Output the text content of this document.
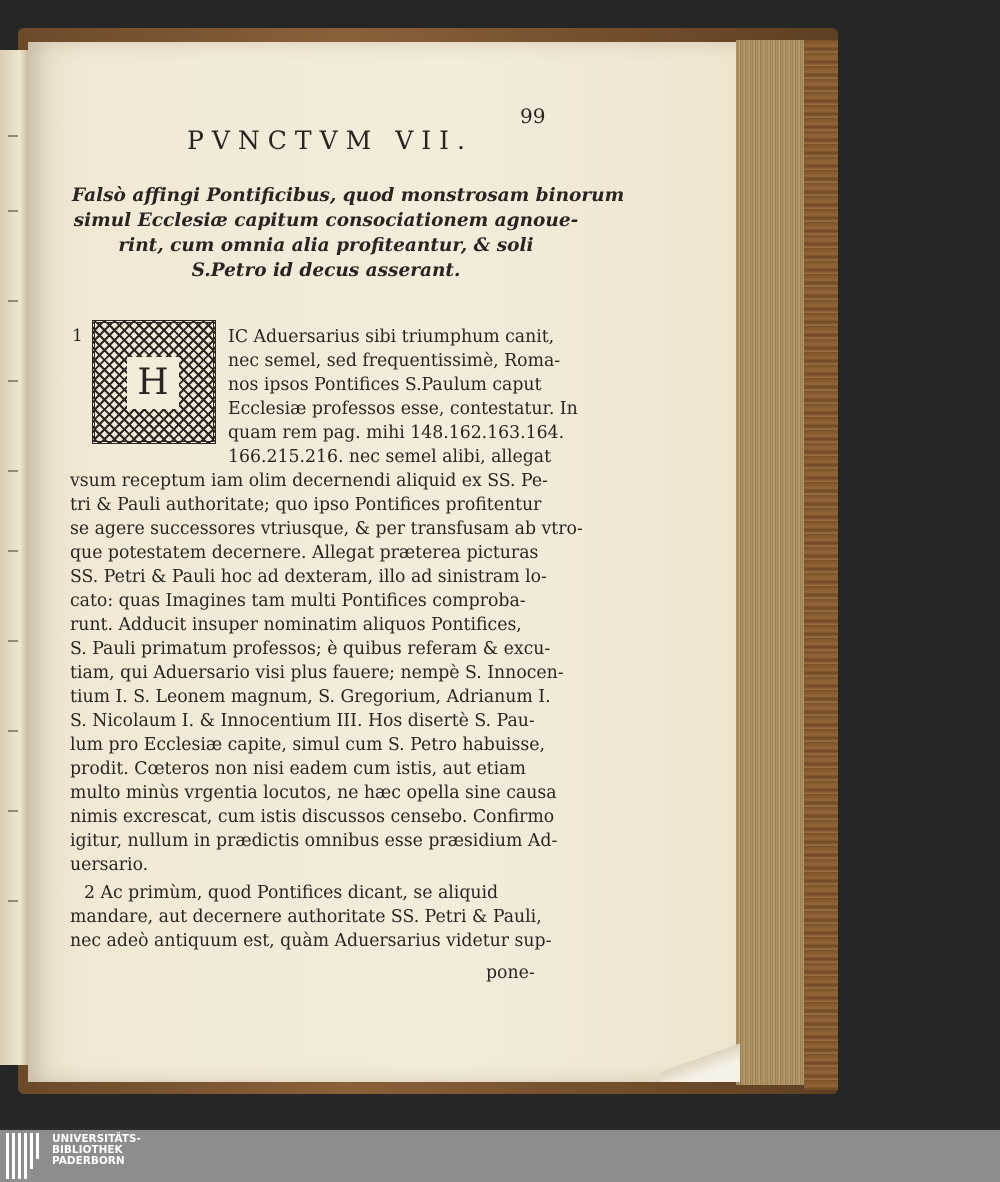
99
PVNCTVM VII.
Falsò affingi Pontificibus, quod monstrosam binorum
simul Ecclesiæ capitum consociationem agnoue-
rint, cum omnia alia profiteantur, & soli
S.Petro id decus asserant.
1
H
IC Aduersarius sibi triumphum canit,
nec semel, sed frequentissimè, Roma-
nos ipsos Pontifices S.Paulum caput
Ecclesiæ professos esse, contestatur. In
quam rem pag. mihi 148.162.163.164.
166.215.216. nec semel alibi, allegat
vsum receptum iam olim decernendi aliquid ex SS. Pe-
tri & Pauli authoritate; quo ipso Pontifices profitentur
se agere successores vtriusque, & per transfusam ab vtro-
que potestatem decernere. Allegat præterea picturas
SS. Petri & Pauli hoc ad dexteram, illo ad sinistram lo-
cato: quas Imagines tam multi Pontifices comproba-
runt. Adducit insuper nominatim aliquos Pontifices,
S. Pauli primatum professos; è quibus referam & excu-
tiam, qui Aduersario visi plus fauere; nempè S. Innocen-
tium I. S. Leonem magnum, S. Gregorium, Adrianum I.
S. Nicolaum I. & Innocentium III. Hos disertè S. Pau-
lum pro Ecclesiæ capite, simul cum S. Petro habuisse,
prodit. Cœteros non nisi eadem cum istis, aut etiam
multo minùs vrgentia locutos, ne hæc opella sine causa
nimis excrescat, cum istis discussos censebo. Confirmo
igitur, nullum in prædictis omnibus esse præsidium Ad-
uersario.
2 Ac primùm, quod Pontifices dicant, se aliquid
mandare, aut decernere authoritate SS. Petri & Pauli,
nec adeò antiquum est, quàm Aduersarius videtur sup-
pone-
UNIVERSITÄTS-
BIBLIOTHEK
PADERBORN
